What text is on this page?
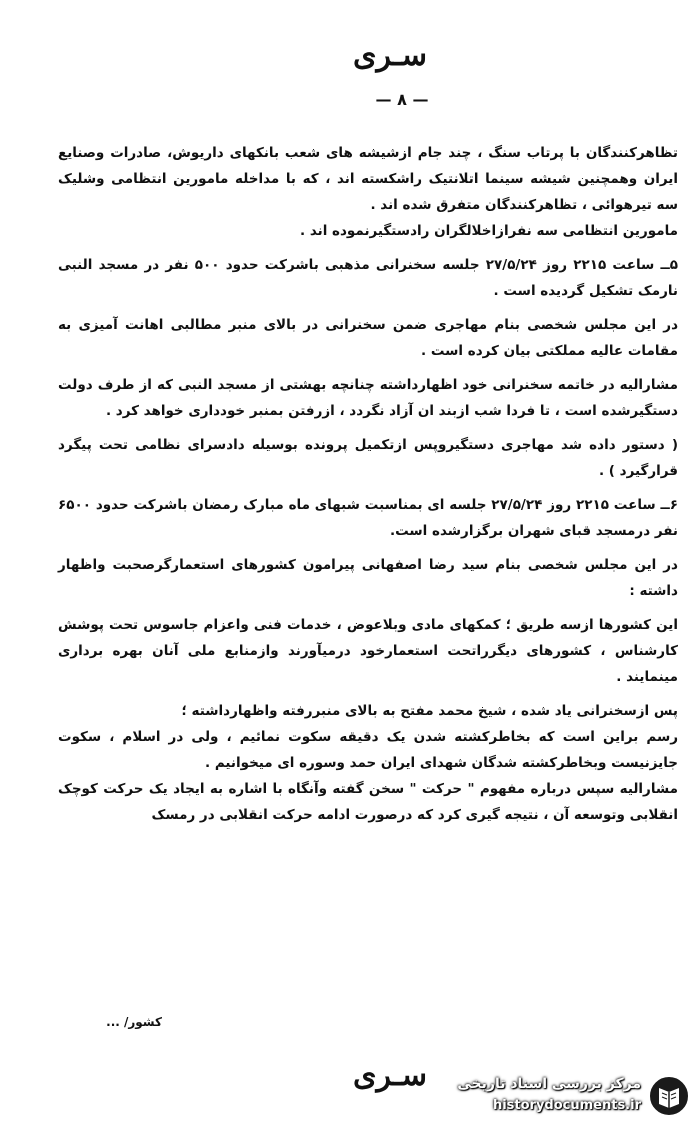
سـری
— ۸ —

تظاهرکنندگان با پرتاب سنگ ، چند جام ازشیشه های شعب بانکهای داریوش، صادرات وصنایع ایران وهمچنین شیشه سینما اتلانتیک راشکسته اند ، که با مداخله مامورین انتظامی وشلیک سه تیرهوائی ، تظاهرکنندگان متفرق شده اند .

مامورین انتظامی سه نفرازاخلالگران رادستگیرنموده اند .

۵ــ ساعت ۲۲۱۵ روز ۲۷/۵/۲۴ جلسه سخنرانی مذهبی باشرکت حدود ۵۰۰ نفر در مسجد النبی نارمک تشکیل گردیده است .

در این مجلس شخصی بنام مهاجری ضمن سخنرانی در بالای منبر مطالبی اهانت آمیزی به مقامات عالیه مملکتی بیان کرده است .

مشارالیه در خاتمه سخنرانی خود اظهارداشته چنانچه بهشتی از مسجد النبی که از طرف دولت دستگیرشده است ، تا فردا شب ازبند ان آزاد نگردد ، ازرفتن بمنبر خودداری خواهد کرد .

( دستور داده شد مهاجری دستگیروپس ازتکمیل پرونده بوسیله دادسرای نظامی تحت پیگرد قرارگیرد ) .

۶ــ ساعت ۲۲۱۵ روز ۲۷/۵/۲۴ جلسه ای بمناسبت شبهای ماه مبارک رمضان باشرکت حدود ۶۵۰۰ نفر درمسجد قبای شهران برگزارشده است.

در این مجلس شخصی بنام سید رضا اصفهانی پیرامون کشورهای استعمارگرصحبت واظهار داشته :

این کشورها ازسه طریق ؛ کمکهای مادی وبلاعوض ، خدمات فنی واعزام جاسوس تحت پوشش کارشناس ، کشورهای دیگرراتحت استعمارخود درمیآورند وازمنابع ملی آنان بهره برداری مینمایند .

پس ازسخنرانی یاد شده ، شیخ محمد مفتح به بالای منبررفته واظهارداشته ؛

رسم براین است که بخاطرکشته شدن یک دقیقه سکوت نمائیم ، ولی در اسلام ، سکوت جایزنیست وبخاطرکشته شدگان شهدای ایران حمد وسوره ای میخوانیم .

مشارالیه سپس درباره مفهوم " حرکت " سخن گفته وآنگاه با اشاره به ایجاد یک حرکت کوچک انقلابی وتوسعه آن ، نتیجه گیری کرد که درصورت ادامه حرکت انقلابی در رمسک

کشور/ ...
سـری	مرکز بررسی اسناد تاریخی
historydocuments.ir
